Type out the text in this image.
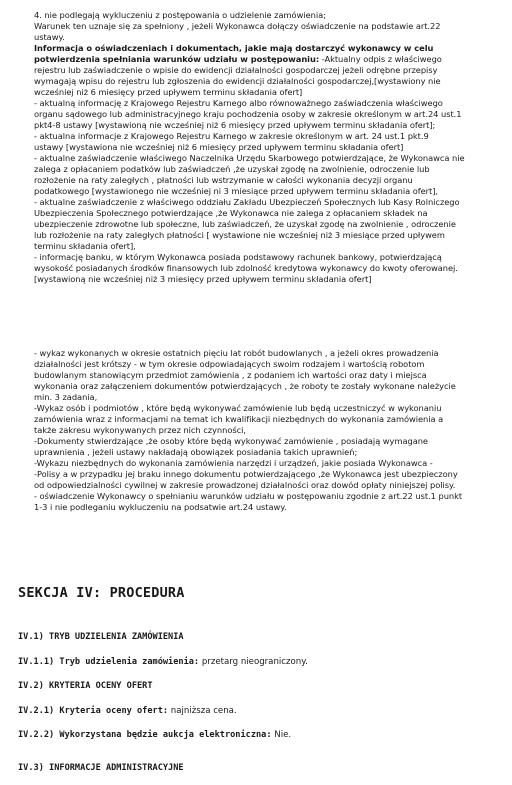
4. nie podlegają wykluczeniu z postępowania o udzielenie zamówienia;
Warunek ten uznaje się za spełniony , jeżeli Wykonawca dołączy oświadczenie na podstawie art.22
ustawy.
Informacja o oświadczeniach i dokumentach, jakie mają dostarczyć wykonawcy w celu
potwierdzenia spełniania warunków udziału w postępowaniu: -Aktualny odpis z właściwego
rejestru lub zaświadczenie o wpisie do ewidencji działalności gospodarczej jeżeli odrębne przepisy
wymagają wpisu do rejestru lub zgłoszenia do ewidencji działalności gospodarczej,[wystawiony nie
wcześniej niż 6 miesięcy przed upływem terminu składania ofert]
- aktualną informację z Krajowego Rejestru Karnego albo równoważnego zaświadczenia właściwego
organu sądowego lub administracyjnego kraju pochodzenia osoby w zakresie określonym w art.24 ust.1
pkt4-8 ustawy [wystawioną nie wcześniej niż 6 miesięcy przed upływem terminu składania ofert];
- aktualna informacje z Krajowego Rejestru Karnego w zakresie określonym w art. 24 ust.1 pkt.9
ustawy [wystawiona nie wcześniej niż 6 miesięcy przed upływem terminu składania ofert]
- aktualne zaświadczenie właściwego Naczelnika Urzędu Skarbowego potwierdzające, że Wykonawca nie
zalega z opłacaniem podatków lub zaświadczeń ,że uzyskał zgodę na zwolnienie, odroczenie lub
rozłożenie na raty zaległych , płatności lub wstrzymanie w całości wykonania decyzji organu
podatkowego [wystawionego nie wcześniej ni 3 miesiące przed upływem terminu składania ofert],
- aktualne zaświadczenie z właściwego oddziału Zakładu Ubezpieczeń Społecznych lub Kasy Rolniczego
Ubezpieczenia Społecznego potwierdzające ,że Wykonawca nie zalega z opłacaniem składek na
ubezpieczenie zdrowotne lub społeczne, lub zaświadczeń, że uzyskał zgodę na zwolnienie , odroczenie
lub rozłożenie na raty zaległych płatności [ wystawione nie wcześniej niż 3 miesiące przed upływem
terminu składania ofert],
- informację banku, w którym Wykonawca posiada podstawowy rachunek bankowy, potwierdzającą
wysokość posiadanych środków finansowych lub zdolność kredytowa wykonawcy do kwoty oferowanej.
[wystawioną nie wcześniej niż 3 miesięcy przed upływem terminu składania ofert]
- wykaz wykonanych w okresie ostatnich pięciu lat robót budowlanych , a jeżeli okres prowadzenia
działalności jest krótszy - w tym okresie odpowiadających swoim rodzajem i wartością robotom
budowlanym stanowiącym przedmiot zamówienia , z podaniem ich wartości oraz daty i miejsca
wykonania oraz załączeniem dokumentów potwierdzających , że roboty te zostały wykonane należycie
min. 3 zadania,
-Wykaz osób i podmiotów , które będą wykonywać zamówienie lub będą uczestniczyć w wykonaniu
zamówienia wraz z informacjami na temat ich kwalifikacji niezbędnych do wykonania zamówienia a
także zakresu wykonywanych przez nich czynności,
-Dokumenty stwierdzające ,że osoby które będą wykonywać zamówienie , posiadają wymagane
uprawnienia , jeżeli ustawy nakładają obowiązek posiadania takich uprawnień;
-Wykazu niezbędnych do wykonania zamówienia narzędzi i urządzeń, jakie posiada Wykonawca -
-Polisy a w przypadku jej braku innego dokumentu potwierdzającego ,że Wykonawca jest ubezpieczony
od odpowiedzialności cywilnej w zakresie prowadzonej działalności oraz dowód opłaty niniejszej polisy.
- oświadczenie Wykonawcy o spełnianiu warunków udziału w postępowaniu zgodnie z art.22 ust.1 punkt
1-3 i nie podleganiu wykluczeniu na podsatwie art.24 ustawy.
SEKCJA IV: PROCEDURA
IV.1) TRYB UDZIELENIA ZAMÓWIENIA
IV.1.1) Tryb udzielenia zamówienia: przetarg nieograniczony.
IV.2) KRYTERIA OCENY OFERT
IV.2.1) Kryteria oceny ofert: najniższa cena.
IV.2.2) Wykorzystana będzie aukcja elektroniczna: Nie.
IV.3) INFORMACJE ADMINISTRACYJNE
